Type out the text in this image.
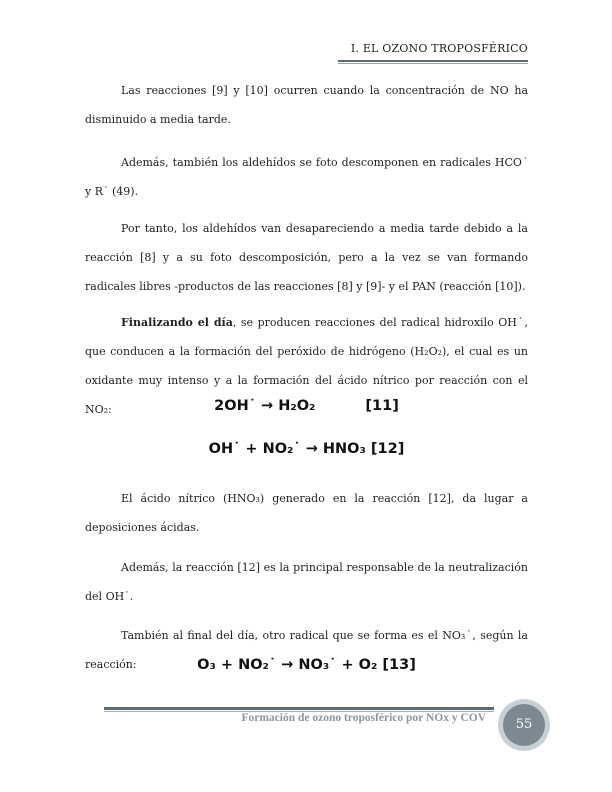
I. EL OZONO TROPOSFÉRICO

Las reacciones [9] y [10] ocurren cuando la concentración de NO ha disminuido a media tarde.

Además, también los aldehídos se foto descomponen en radicales HCO˙ y R˙ (49).

Por tanto, los aldehídos van desapareciendo a media tarde debido a la reacción [8] y a su foto descomposición, pero a la vez se van formando radicales libres -productos de las reacciones [8] y [9]- y el PAN (reacción [10]).

Finalizando el día, se producen reacciones del radical hidroxilo OH˙, que conducen a la formación del peróxido de hidrógeno (H₂O₂), el cual es un oxidante muy intenso y a la formación del ácido nítrico por reacción con el NO₂:	2OH˙ → H₂O₂	[11]
OH˙ + NO₂˙ → HNO₃ [12]

El ácido nítrico (HNO₃) generado en la reacción [12], da lugar a deposiciones ácidas.

Además, la reacción [12] es la principal responsable de la neutralización del OH˙.

También al final del día, otro radical que se forma es el NO₃˙, según la reacción:	O₃ + NO₂˙ → NO₃˙ + O₂ [13]
Formación de ozono troposférico por NOx y COV	55
